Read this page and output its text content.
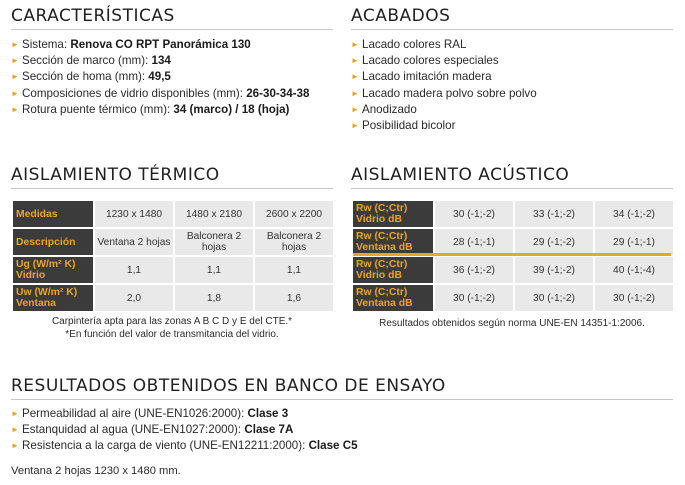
CARACTERÍSTICAS
► Sistema: Renova CO RPT Panorámica 130
► Sección de marco (mm): 134
► Sección de homa (mm): 49,5
► Composiciones de vidrio disponibles (mm): 26-30-34-38
► Rotura puente térmico (mm): 34 (marco) / 18 (hoja)
ACABADOS
► Lacado colores RAL
► Lacado colores especiales
► Lacado imitación madera
► Lacado madera polvo sobre polvo
► Anodizado
► Posibilidad bicolor
AISLAMIENTO TÉRMICO
Medidas	1230 x 1480	1480 x 2180	2600 x 2200
Descripción	Ventana 2 hojas	Balconera 2 hojas	Balconera 2 hojas
Ug (W/m² K) Vidrio	1,1	1,1	1,1
Uw (W/m² K) Ventana	2,0	1,8	1,6
Carpintería apta para las zonas A B C D y E del CTE.*
*En función del valor de transmitancia del vidrio.
AISLAMIENTO ACÚSTICO
Rw (C;Ctr) Vidrio dB	30 (-1;-2)	33 (-1;-2)	34 (-1;-2)
Rw (C;Ctr) Ventana dB	28 (-1;-1)	29 (-1;-2)	29 (-1;-1)
Rw (C;Ctr) Vidrio dB	36 (-1;-2)	39 (-1;-2)	40 (-1;-4)
Rw (C;Ctr) Ventana dB	30 (-1;-2)	30 (-1;-2)	30 (-1;-2)
Resultados obtenidos según norma UNE-EN 14351-1:2006.
RESULTADOS OBTENIDOS EN BANCO DE ENSAYO
► Permeabilidad al aire (UNE-EN1026:2000): Clase 3
► Estanquidad al agua (UNE-EN1027:2000): Clase 7A
► Resistencia a la carga de viento (UNE-EN12211:2000): Clase C5
Ventana 2 hojas 1230 x 1480 mm.
